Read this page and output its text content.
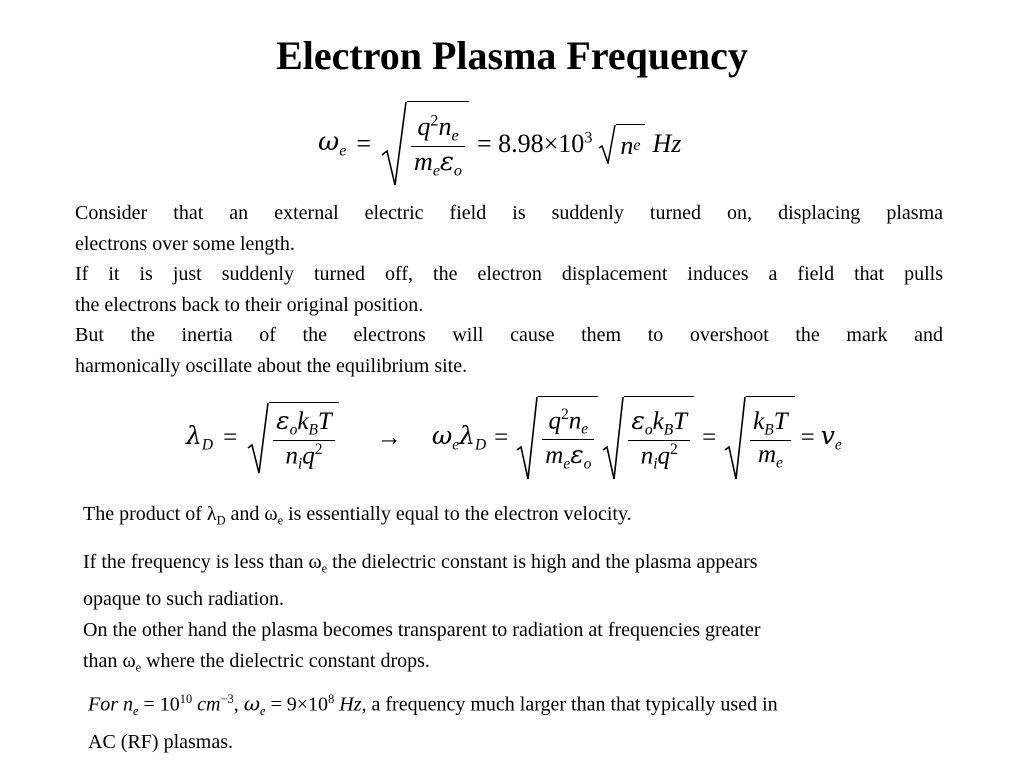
Electron Plasma Frequency
$\omega_e = \frac{q^2n_e}{m_e\varepsilon_o} = 8.98\times 10^3$ n e Hz
Consider that an external electric field is suddenly turned on, displacing plasma
electrons over some length.
If it is just suddenly turned off, the electron displacement induces a field that pulls
the electrons back to their original position.
But the inertia of the electrons will cause them to overshoot the mark and
harmonically oscillate about the equilibrium site.
$\lambda_D = \frac{\varepsilon_ok_BT}{n_iq^2} \to \omega_e\lambda_D = \frac{q^2n_e}{m_e\varepsilon_o} \frac{\varepsilon_ok_BT}{n_iq^2} = \frac{k_BT}{m_e} = v_e$
The product of $\lambda_D$ and $\omega_e$ is essentially equal to the electron velocity.
If the frequency is less than $\omega_e$ the dielectric constant is high and the plasma appears
opaque to such radiation.
On the other hand the plasma becomes transparent to radiation at frequencies greater
than $\omega_e$ where the dielectric constant drops.
For $n_e = 10^{10}$ $cm^{-3}$, $\omega_e = 9\times 10^8$ Hz, a frequency much larger than that typically used in
AC (RF) plasmas.
